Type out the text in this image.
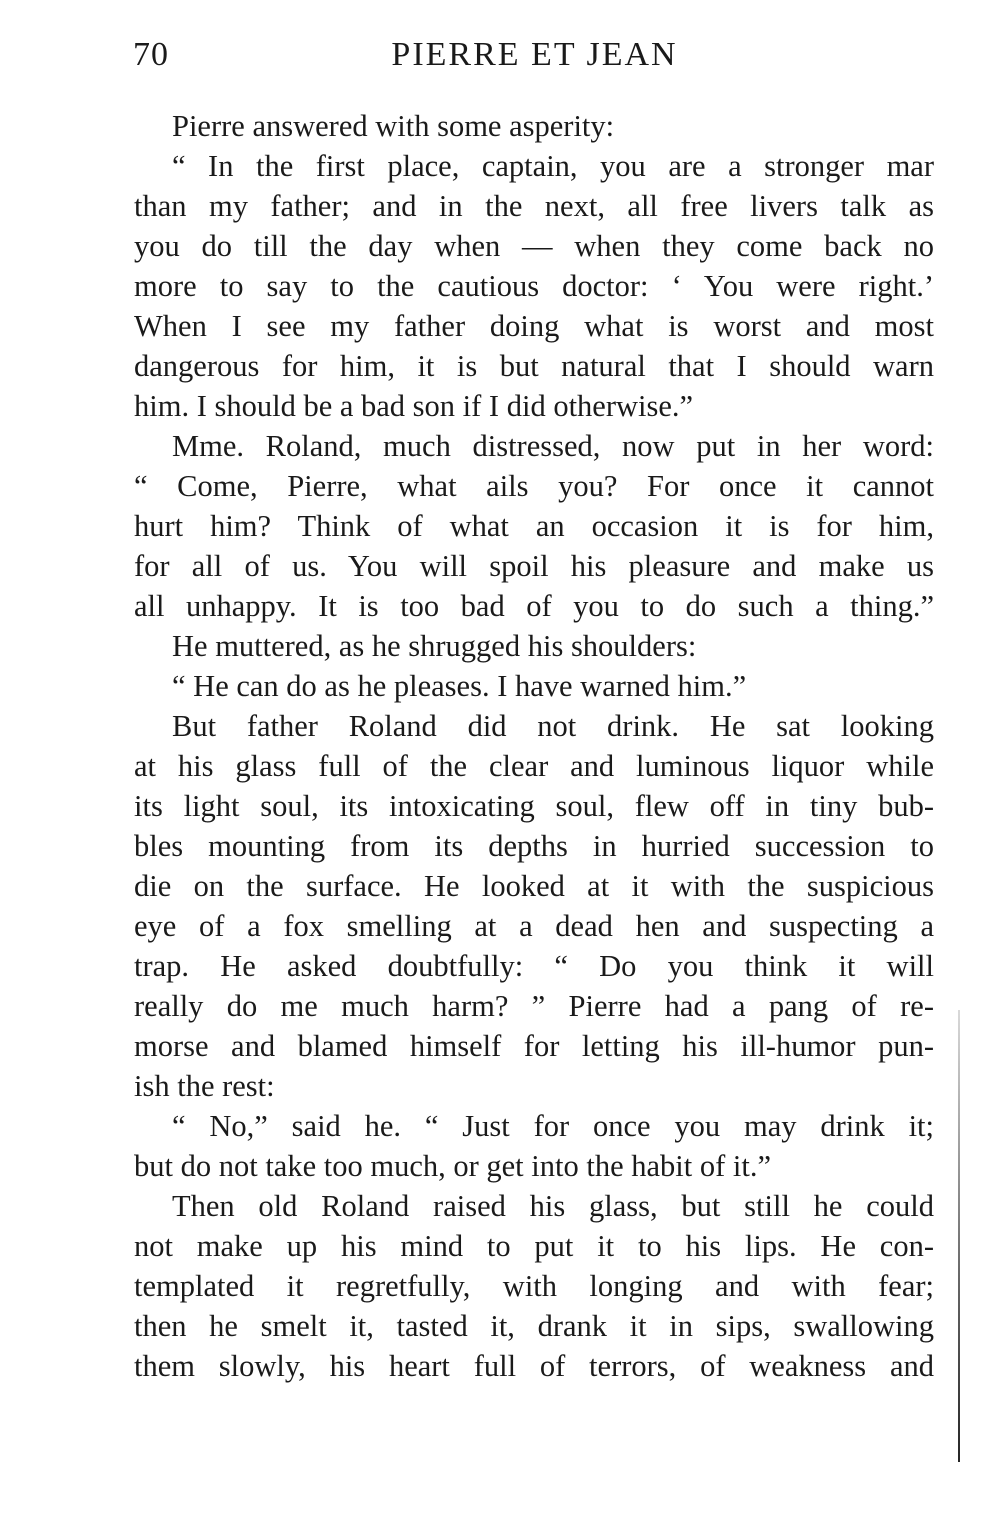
70	PIERRE ET JEAN
Pierre answered with some asperity:
“ In the first place, captain, you are a stronger mar
than my father; and in the next, all free livers talk as
you do till the day when — when they come back no
more to say to the cautious doctor: ‘ You were right.’
When I see my father doing what is worst and most
dangerous for him, it is but natural that I should warn
him. I should be a bad son if I did otherwise.”
Mme. Roland, much distressed, now put in her word:
“ Come, Pierre, what ails you? For once it cannot
hurt him? Think of what an occasion it is for him,
for all of us. You will spoil his pleasure and make us
all unhappy. It is too bad of you to do such a thing.”
He muttered, as he shrugged his shoulders:
“ He can do as he pleases. I have warned him.”
But father Roland did not drink. He sat looking
at his glass full of the clear and luminous liquor while
its light soul, its intoxicating soul, flew off in tiny bub-
bles mounting from its depths in hurried succession to
die on the surface. He looked at it with the suspicious
eye of a fox smelling at a dead hen and suspecting a
trap. He asked doubtfully: “ Do you think it will
really do me much harm? ” Pierre had a pang of re-
morse and blamed himself for letting his ill-humor pun-
ish the rest:
“ No,” said he. “ Just for once you may drink it;
but do not take too much, or get into the habit of it.”
Then old Roland raised his glass, but still he could
not make up his mind to put it to his lips. He con-
templated it regretfully, with longing and with fear;
then he smelt it, tasted it, drank it in sips, swallowing
them slowly, his heart full of terrors, of weakness and
